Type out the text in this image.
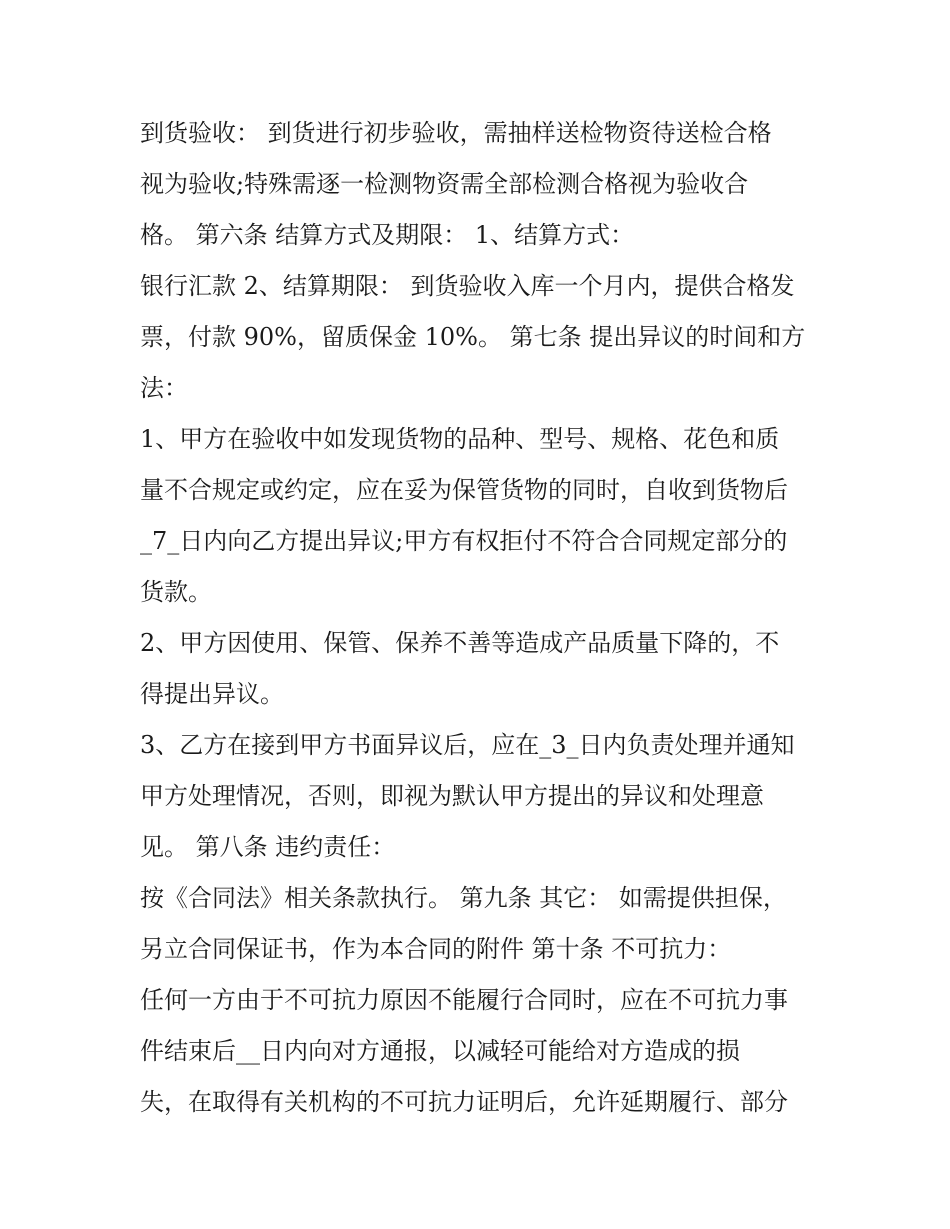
到货验收： 到货进行初步验收，需抽样送检物资待送检合格
视为验收;特殊需逐一检测物资需全部检测合格视为验收合
格。 第六条 结算方式及期限： 1、结算方式：
银行汇款 2、结算期限： 到货验收入库一个月内，提供合格发
票，付款 90%，留质保金 10%。 第七条 提出异议的时间和方
法：
1、甲方在验收中如发现货物的品种、型号、规格、花色和质
量不合规定或约定，应在妥为保管货物的同时，自收到货物后
_7_日内向乙方提出异议;甲方有权拒付不符合合同规定部分的
货款。
2、甲方因使用、保管、保养不善等造成产品质量下降的，不
得提出异议。
3、乙方在接到甲方书面异议后，应在_3_日内负责处理并通知
甲方处理情况，否则，即视为默认甲方提出的异议和处理意
见。 第八条 违约责任：
按《合同法》相关条款执行。 第九条 其它： 如需提供担保，
另立合同保证书，作为本合同的附件 第十条 不可抗力：
任何一方由于不可抗力原因不能履行合同时，应在不可抗力事
件结束后__日内向对方通报，以减轻可能给对方造成的损
失，在取得有关机构的不可抗力证明后，允许延期履行、部分
